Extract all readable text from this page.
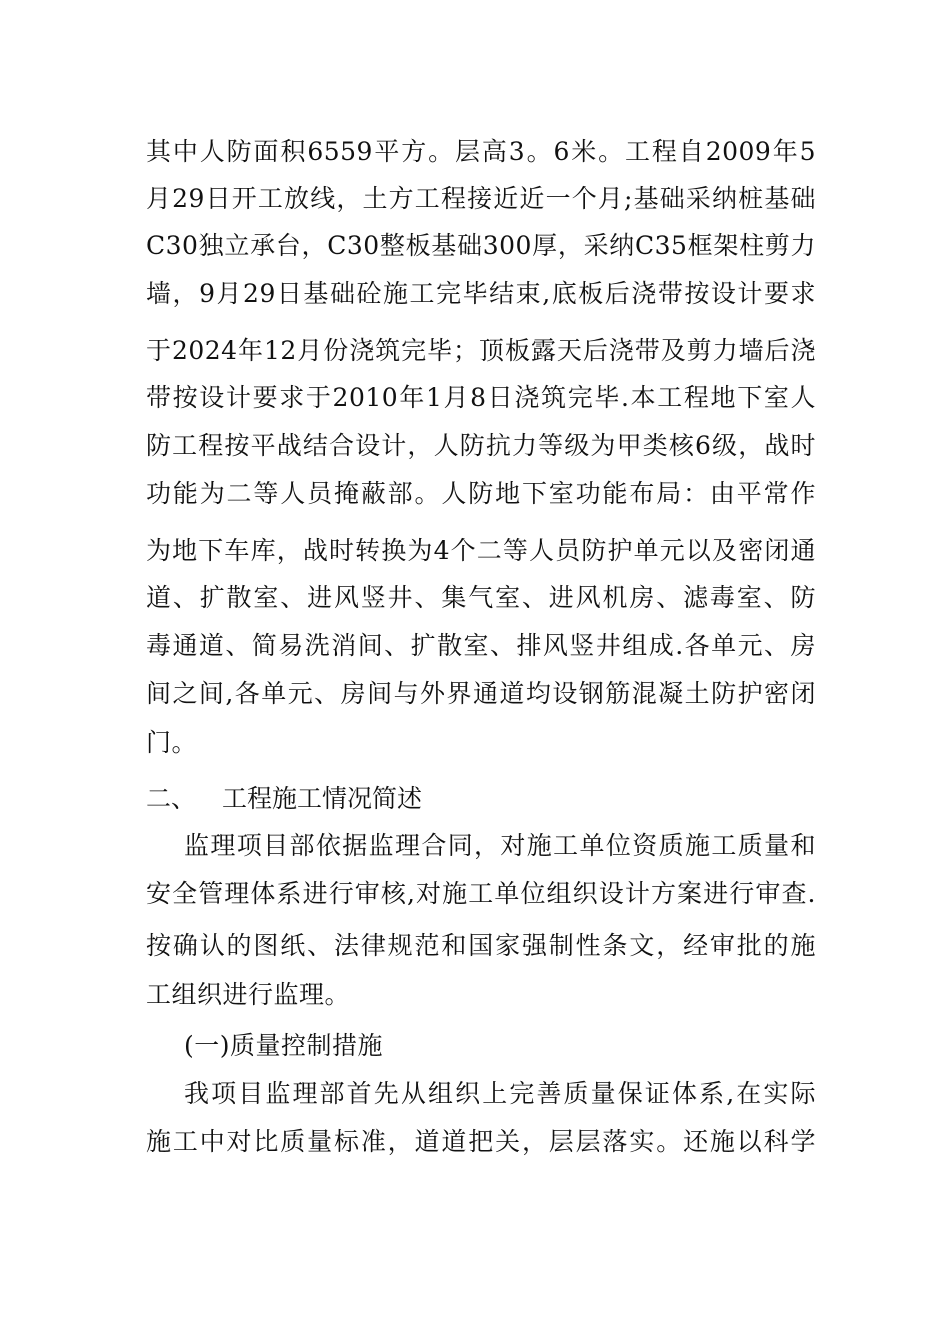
其中人防面积6559平方。层高3。6米。工程自2009年5
月29日开工放线，土方工程接近近一个月;基础采纳桩基础
C30独立承台，C30整板基础300厚，采纳C35框架柱剪力
墙，9月29日基础砼施工完毕结束,底板后浇带按设计要求
于2024年12月份浇筑完毕；顶板露天后浇带及剪力墙后浇
带按设计要求于2010年1月8日浇筑完毕.本工程地下室人
防工程按平战结合设计，人防抗力等级为甲类核6级，战时
功能为二等人员掩蔽部。人防地下室功能布局：由平常作
为地下车库，战时转换为4个二等人员防护单元以及密闭通
道、扩散室、进风竖井、集气室、进风机房、滤毒室、防
毒通道、简易洗消间、扩散室、排风竖井组成.各单元、房
间之间,各单元、房间与外界通道均设钢筋混凝土防护密闭
门。
二、 工程施工情况简述
监理项目部依据监理合同，对施工单位资质施工质量和
安全管理体系进行审核,对施工单位组织设计方案进行审查.
按确认的图纸、法律规范和国家强制性条文，经审批的施
工组织进行监理。
(一)质量控制措施
我项目监理部首先从组织上完善质量保证体系,在实际
施工中对比质量标准，道道把关，层层落实。还施以科学
